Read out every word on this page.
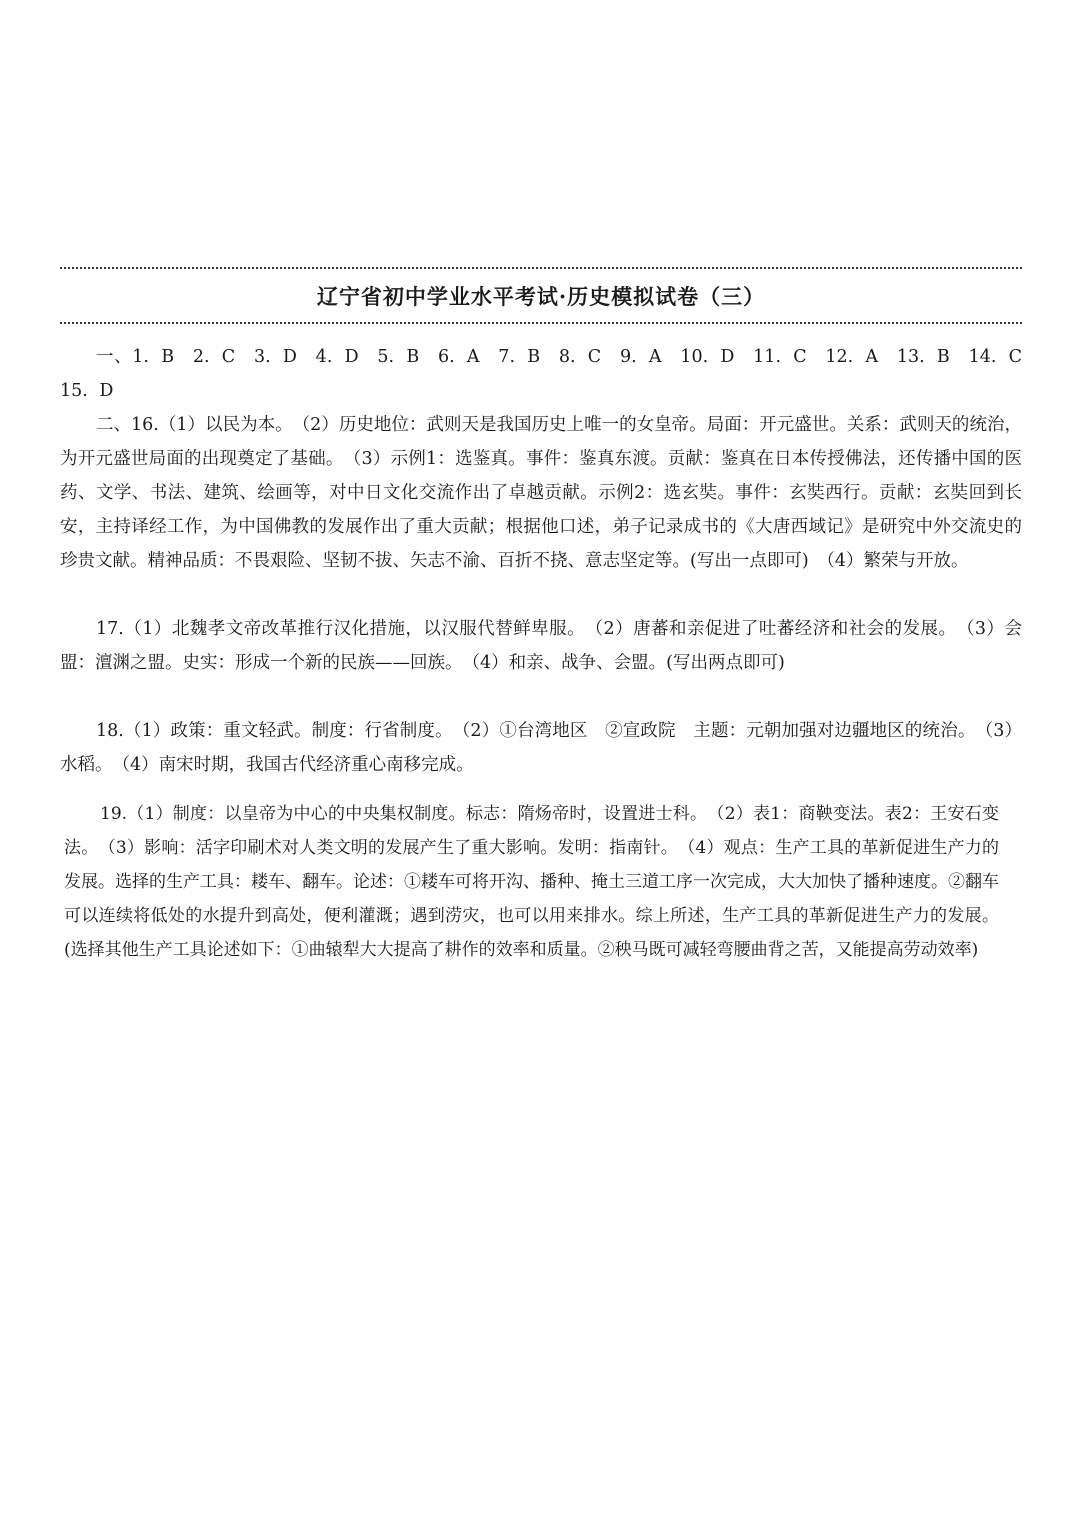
辽宁省初中学业水平考试·历史模拟试卷（三）

一、1. B　2. C　3. D　4. D　5. B　6. A　7. B　8. C　9. A　10. D　11. C　12. A　13. B　14. C　15. D

二、16.（1）以民为本。　（2）历史地位：武则天是我国历史上唯一的女皇帝。局面：开元盛世。关系：武则天的统治，为开元盛世局面的出现奠定了基础。　（3）示例1：选鉴真。事件：鉴真东渡。贡献：鉴真在日本传授佛法，还传播中国的医药、文学、书法、建筑、绘画等，对中日文化交流作出了卓越贡献。示例2：选玄奘。事件：玄奘西行。贡献：玄奘回到长安，主持译经工作，为中国佛教的发展作出了重大贡献；根据他口述，弟子记录成书的《大唐西域记》是研究中外交流史的珍贵文献。精神品质：不畏艰险、坚韧不拔、矢志不渝、百折不挠、意志坚定等。(写出一点即可)　（4）繁荣与开放。

17.（1）北魏孝文帝改革推行汉化措施，以汉服代替鲜卑服。　（2）唐蕃和亲促进了吐蕃经济和社会的发展。　（3）会盟：澶渊之盟。史实：形成一个新的民族——回族。　（4）和亲、战争、会盟。(写出两点即可)

18.（1）政策：重文轻武。制度：行省制度。　（2）①台湾地区　②宣政院　主题：元朝加强对边疆地区的统治。　（3）水稻。　（4）南宋时期，我国古代经济重心南移完成。

19.（1）制度：以皇帝为中心的中央集权制度。标志：隋炀帝时，设置进士科。　（2）表1：商鞅变法。表2：王安石变法。　（3）影响：活字印刷术对人类文明的发展产生了重大影响。发明：指南针。　（4）观点：生产工具的革新促进生产力的发展。选择的生产工具：耧车、翻车。论述：①耧车可将开沟、播种、掩土三道工序一次完成，大大加快了播种速度。②翻车可以连续将低处的水提升到高处，便利灌溉；遇到涝灾，也可以用来排水。综上所述，生产工具的革新促进生产力的发展。(选择其他生产工具论述如下：①曲辕犁大大提高了耕作的效率和质量。②秧马既可减轻弯腰曲背之苦，又能提高劳动效率)
